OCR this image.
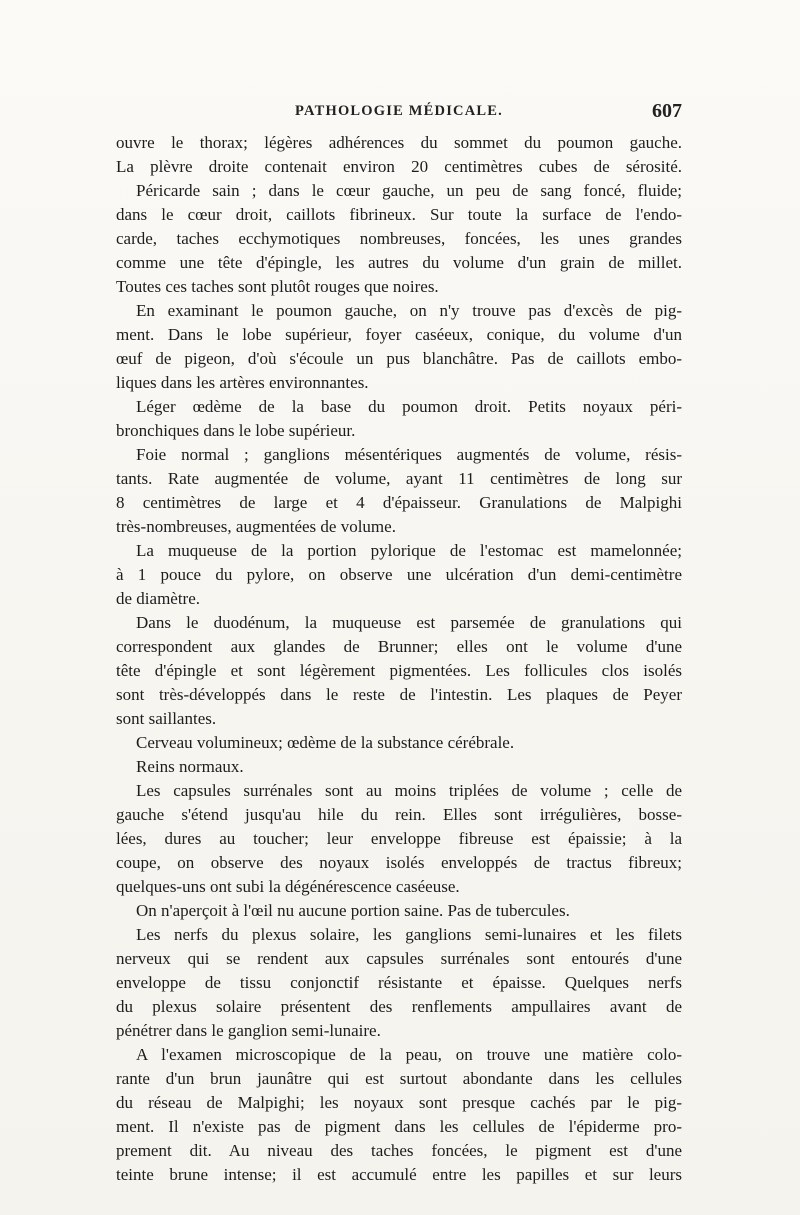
PATHOLOGIE MÉDICALE.	607
ouvre le thorax; légères adhérences du sommet du poumon gauche.
La plèvre droite contenait environ 20 centimètres cubes de sérosité.
Péricarde sain ; dans le cœur gauche, un peu de sang foncé, fluide;
dans le cœur droit, caillots fibrineux. Sur toute la surface de l'endo-
carde, taches ecchymotiques nombreuses, foncées, les unes grandes
comme une tête d'épingle, les autres du volume d'un grain de millet.
Toutes ces taches sont plutôt rouges que noires.
En examinant le poumon gauche, on n'y trouve pas d'excès de pig-
ment. Dans le lobe supérieur, foyer caséeux, conique, du volume d'un
œuf de pigeon, d'où s'écoule un pus blanchâtre. Pas de caillots embo-
liques dans les artères environnantes.
Léger œdème de la base du poumon droit. Petits noyaux péri-
bronchiques dans le lobe supérieur.
Foie normal ; ganglions mésentériques augmentés de volume, résis-
tants. Rate augmentée de volume, ayant 11 centimètres de long sur
8 centimètres de large et 4 d'épaisseur. Granulations de Malpighi
très-nombreuses, augmentées de volume.
La muqueuse de la portion pylorique de l'estomac est mamelonnée;
à 1 pouce du pylore, on observe une ulcération d'un demi-centimètre
de diamètre.
Dans le duodénum, la muqueuse est parsemée de granulations qui
correspondent aux glandes de Brunner; elles ont le volume d'une
tête d'épingle et sont légèrement pigmentées. Les follicules clos isolés
sont très-développés dans le reste de l'intestin. Les plaques de Peyer
sont saillantes.
Cerveau volumineux; œdème de la substance cérébrale.
Reins normaux.
Les capsules surrénales sont au moins triplées de volume ; celle de
gauche s'étend jusqu'au hile du rein. Elles sont irrégulières, bosse-
lées, dures au toucher; leur enveloppe fibreuse est épaissie; à la
coupe, on observe des noyaux isolés enveloppés de tractus fibreux;
quelques-uns ont subi la dégénérescence caséeuse.
On n'aperçoit à l'œil nu aucune portion saine. Pas de tubercules.
Les nerfs du plexus solaire, les ganglions semi-lunaires et les filets
nerveux qui se rendent aux capsules surrénales sont entourés d'une
enveloppe de tissu conjonctif résistante et épaisse. Quelques nerfs
du plexus solaire présentent des renflements ampullaires avant de
pénétrer dans le ganglion semi-lunaire.
A l'examen microscopique de la peau, on trouve une matière colo-
rante d'un brun jaunâtre qui est surtout abondante dans les cellules
du réseau de Malpighi; les noyaux sont presque cachés par le pig-
ment. Il n'existe pas de pigment dans les cellules de l'épiderme pro-
prement dit. Au niveau des taches foncées, le pigment est d'une
teinte brune intense; il est accumulé entre les papilles et sur leurs
